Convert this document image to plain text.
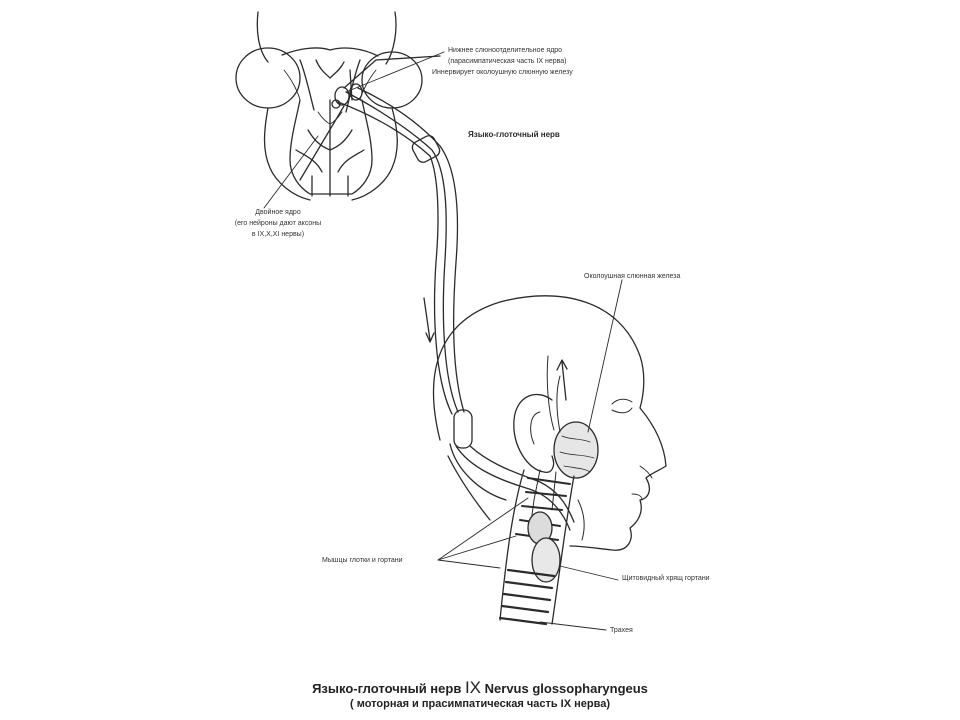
Нижнее слюноотделительное ядро
(парасимпатическая часть IX нерва)
Иннервирует околоушную слюнную железу
Языко-глоточный нерв
Двойное ядро
(его нейроны дают аксоны
в IX,X,XI нервы)
Околоушная слюнная железа
Мышцы глотки и гортани
Щитовидный хрящ гортани
Трахея
Языко-глоточный нерв IX Nervus glossopharyngeus
( моторная и прасимпатическая часть IX нерва)
